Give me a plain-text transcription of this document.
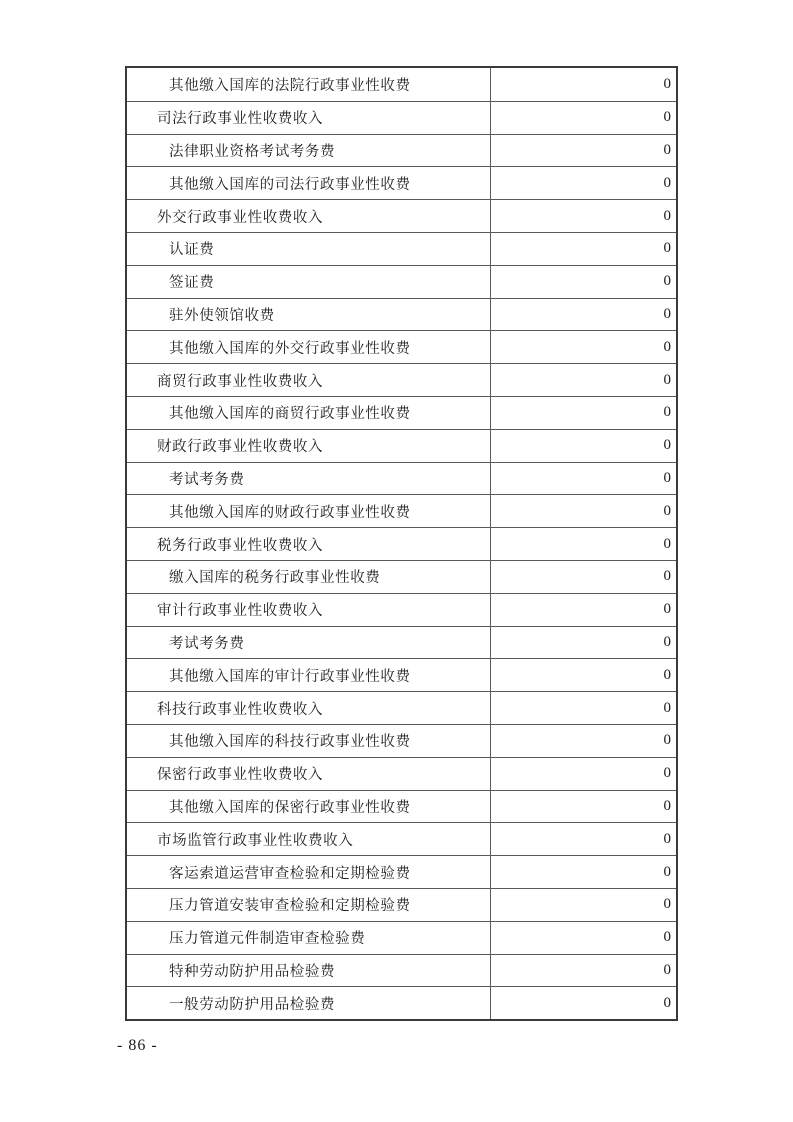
其他缴入国库的法院行政事业性收费	0
司法行政事业性收费收入	0
法律职业资格考试考务费	0
其他缴入国库的司法行政事业性收费	0
外交行政事业性收费收入	0
认证费	0
签证费	0
驻外使领馆收费	0
其他缴入国库的外交行政事业性收费	0
商贸行政事业性收费收入	0
其他缴入国库的商贸行政事业性收费	0
财政行政事业性收费收入	0
考试考务费	0
其他缴入国库的财政行政事业性收费	0
税务行政事业性收费收入	0
缴入国库的税务行政事业性收费	0
审计行政事业性收费收入	0
考试考务费	0
其他缴入国库的审计行政事业性收费	0
科技行政事业性收费收入	0
其他缴入国库的科技行政事业性收费	0
保密行政事业性收费收入	0
其他缴入国库的保密行政事业性收费	0
市场监管行政事业性收费收入	0
客运索道运营审查检验和定期检验费	0
压力管道安装审查检验和定期检验费	0
压力管道元件制造审查检验费	0
特种劳动防护用品检验费	0
一般劳动防护用品检验费	0
- 86 -
